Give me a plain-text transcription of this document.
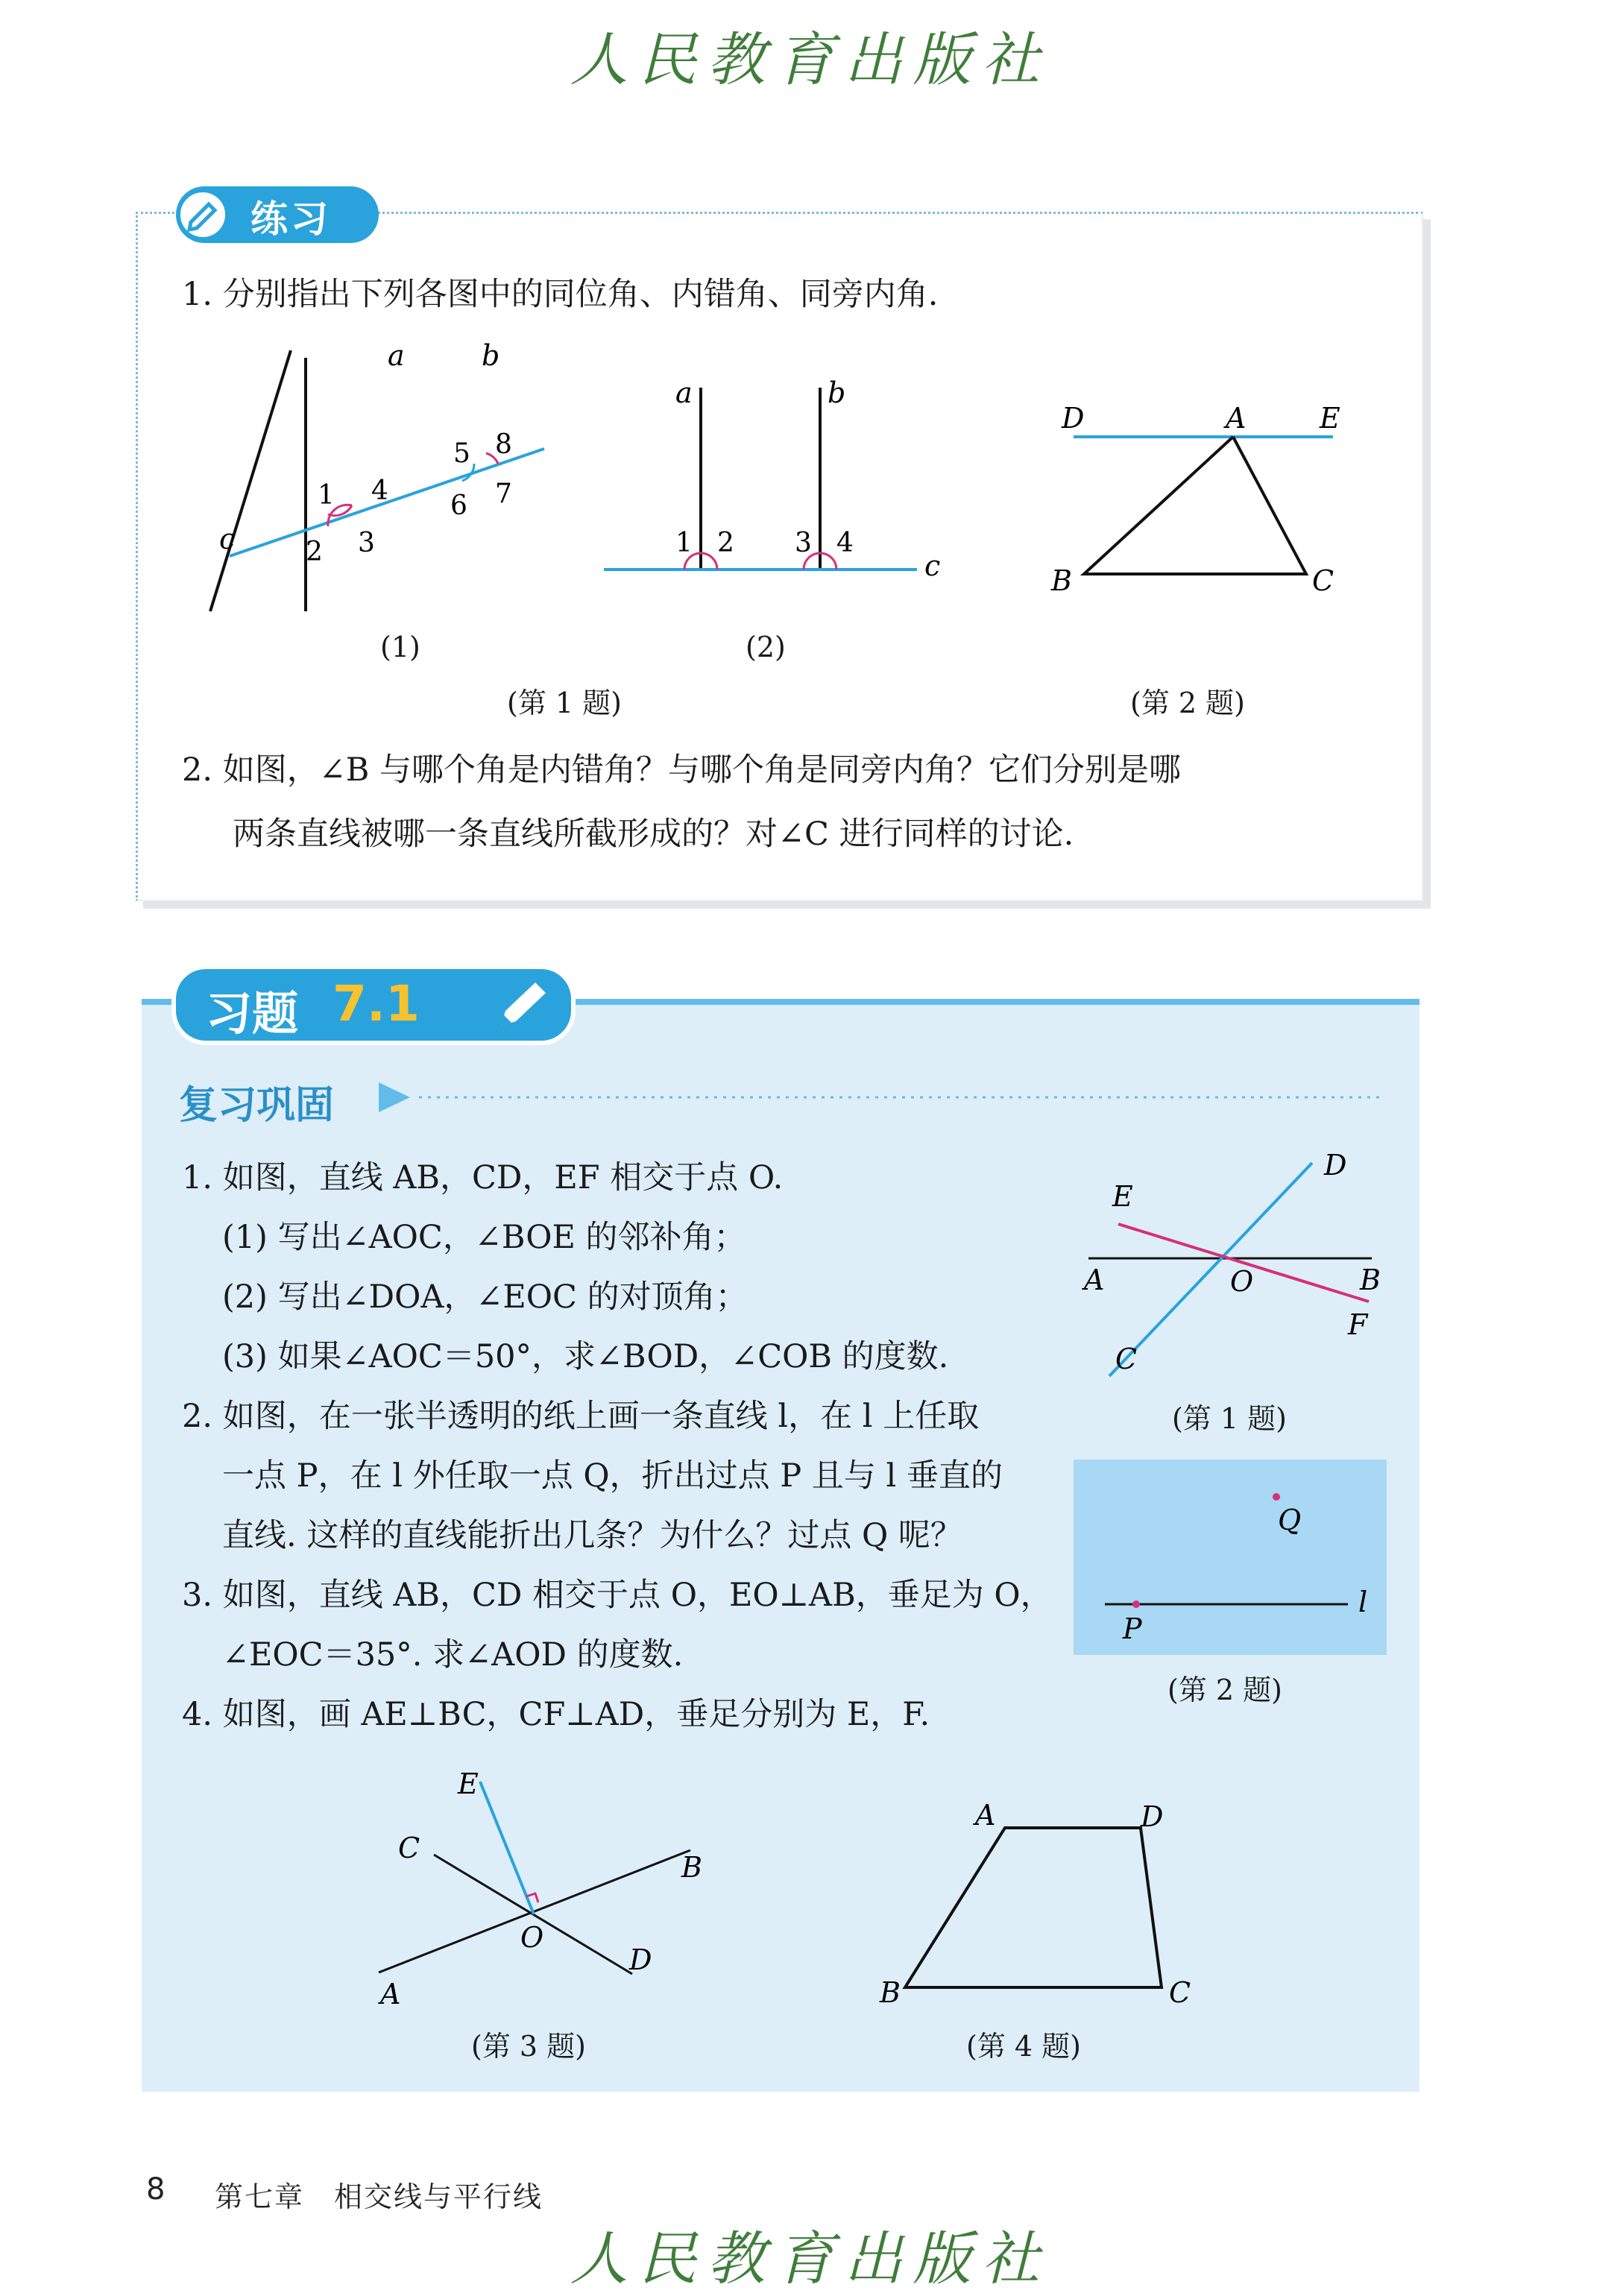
人民教育出版社
练习
1. 分别指出下列各图中的同位角、内错角、同旁内角.
a	b
c
1
2 3
4
5
6 7
8
(1)
a	b
c
1 2 3 4
(2)
(第 1 题)
D	A	E
B	C
(第 2 题)
2. 如图，∠B 与哪个角是内错角？与哪个角是同旁内角？它们分别是哪
两条直线被哪一条直线所截形成的？对∠C 进行同样的讨论.
习题 7.1
复习巩固
1. 如图，直线 AB，CD，EF 相交于点 O.
(1) 写出∠AOC，∠BOE 的邻补角；
(2) 写出∠DOA，∠EOC 的对顶角；
(3) 如果∠AOC＝50°，求∠BOD，∠COB 的度数.
2. 如图，在一张半透明的纸上画一条直线 l，在 l 上任取
一点 P，在 l 外任取一点 Q，折出过点 P 且与 l 垂直的
直线. 这样的直线能折出几条？为什么？过点 Q 呢？
3. 如图，直线 AB，CD 相交于点 O，EO⊥AB，垂足为 O，
∠EOC＝35°. 求∠AOD 的度数.
4. 如图，画 AE⊥BC，CF⊥AD，垂足分别为 E，F.
D
E
A	O	B
F
C
(第 1 题)
Q
P
l
(第 2 题)
E
C
B
O
D
A
(第 3 题)
A	D
B	C
(第 4 题)
8 第七章　相交线与平行线
人民教育出版社
